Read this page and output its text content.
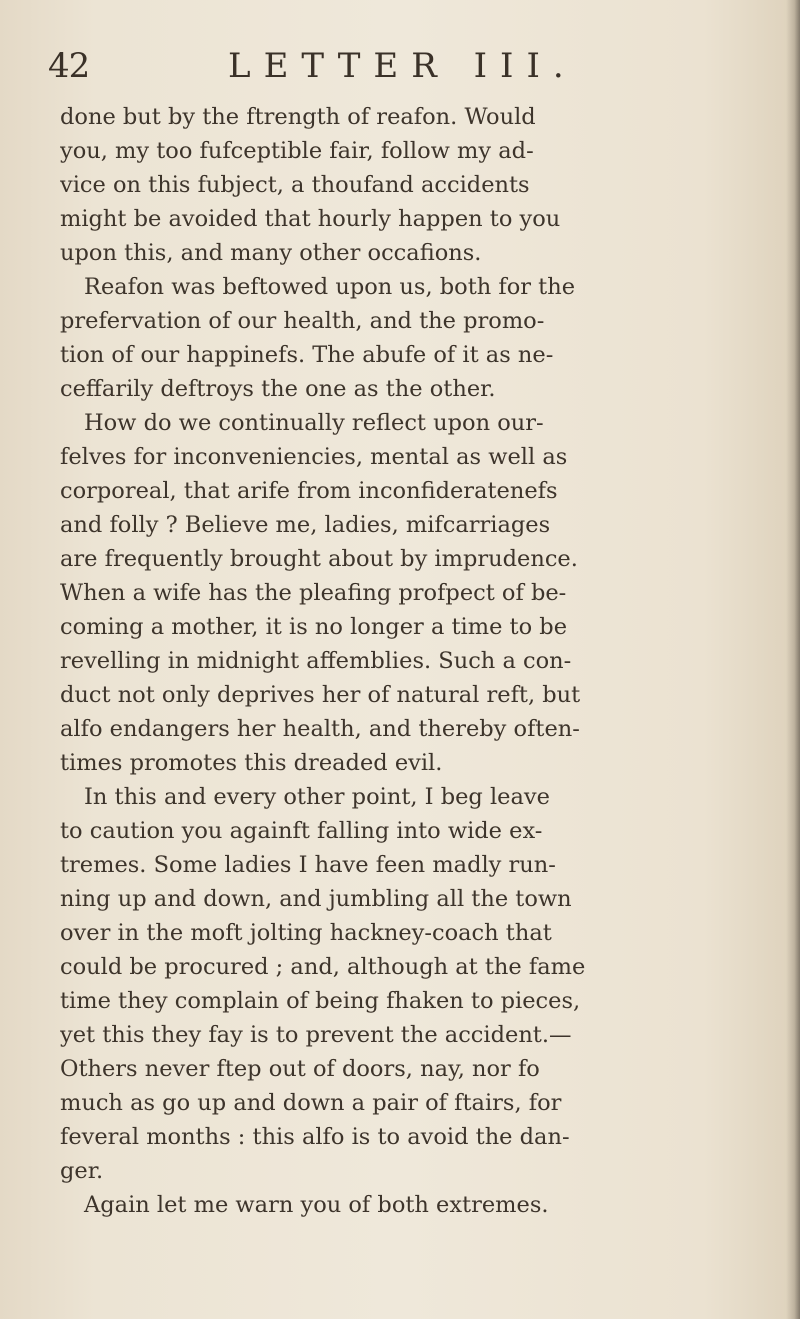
42	LETTER III.
done but by the ftrength of reafon. Would
you, my too fufceptible fair, follow my ad-
vice on this fubject, a thoufand accidents
might be avoided that hourly happen to you
upon this, and many other occafions.
Reafon was beftowed upon us, both for the
prefervation of our health, and the promo-
tion of our happinefs. The abufe of it as ne-
ceffarily deftroys the one as the other.
How do we continually reflect upon our-
felves for inconveniencies, mental as well as
corporeal, that arife from inconfideratenefs
and folly ? Believe me, ladies, mifcarriages
are frequently brought about by imprudence.
When a wife has the pleafing profpect of be-
coming a mother, it is no longer a time to be
revelling in midnight affemblies. Such a con-
duct not only deprives her of natural reft, but
alfo endangers her health, and thereby often-
times promotes this dreaded evil.
In this and every other point, I beg leave
to caution you againft falling into wide ex-
tremes. Some ladies I have feen madly run-
ning up and down, and jumbling all the town
over in the moft jolting hackney-coach that
could be procured ; and, although at the fame
time they complain of being fhaken to pieces,
yet this they fay is to prevent the accident.—
Others never ftep out of doors, nay, nor fo
much as go up and down a pair of ftairs, for
feveral months : this alfo is to avoid the dan-
ger.
Again let me warn you of both extremes.
